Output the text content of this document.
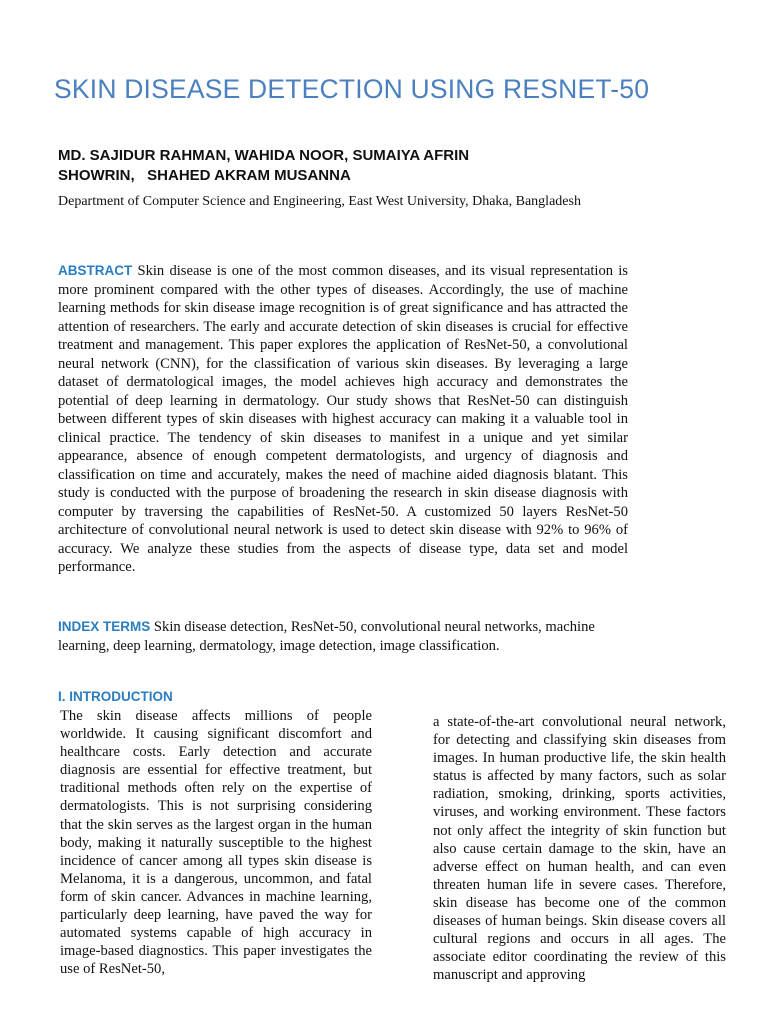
SKIN DISEASE DETECTION USING RESNET-50
MD. SAJIDUR RAHMAN, WAHIDA NOOR, SUMAIYA AFRIN
SHOWRIN,   SHAHED AKRAM MUSANNA
Department of Computer Science and Engineering, East West University, Dhaka, Bangladesh
ABSTRACT Skin disease is one of the most common diseases, and its visual representation is more prominent compared with the other types of diseases. Accordingly, the use of machine learning methods for skin disease image recognition is of great significance and has attracted the attention of researchers. The early and accurate detection of skin diseases is crucial for effective treatment and management. This paper explores the application of ResNet-50, a convolutional neural network (CNN), for the classification of various skin diseases. By leveraging a large dataset of dermatological images, the model achieves high accuracy and demonstrates the potential of deep learning in dermatology. Our study shows that ResNet-50 can distinguish between different types of skin diseases with highest accuracy can making it a valuable tool in clinical practice. The tendency of skin diseases to manifest in a unique and yet similar appearance, absence of enough competent dermatologists, and urgency of diagnosis and classification on time and accurately, makes the need of machine aided diagnosis blatant. This study is conducted with the purpose of broadening the research in skin disease diagnosis with computer by traversing the capabilities of ResNet-50. A customized 50 layers ResNet-50 architecture of convolutional neural network is used to detect skin disease with 92% to 96% of accuracy. We analyze these studies from the aspects of disease type, data set and model performance.
INDEX TERMS Skin disease detection, ResNet-50, convolutional neural networks, machine learning, deep learning, dermatology, image detection, image classification.
I. INTRODUCTION
The skin disease affects millions of people worldwide. It causing significant discomfort and healthcare costs. Early detection and accurate diagnosis are essential for effective treatment, but traditional methods often rely on the expertise of dermatologists. This is not surprising considering that the skin serves as the largest organ in the human body, making it naturally susceptible to the highest incidence of cancer among all types skin disease is Melanoma, it is a dangerous, uncommon, and fatal form of skin cancer. Advances in machine learning, particularly deep learning, have paved the way for automated systems capable of high accuracy in image-based diagnostics. This paper investigates the use of ResNet-50,
a state-of-the-art convolutional neural network, for detecting and classifying skin diseases from images. In human productive life, the skin health status is affected by many factors, such as solar radiation, smoking, drinking, sports activities, viruses, and working environment. These factors not only affect the integrity of skin function but also cause certain damage to the skin, have an adverse effect on human health, and can even threaten human life in severe cases. Therefore, skin disease has become one of the common diseases of human beings. Skin disease covers all cultural regions and occurs in all ages. The associate editor coordinating the review of this manuscript and approving
